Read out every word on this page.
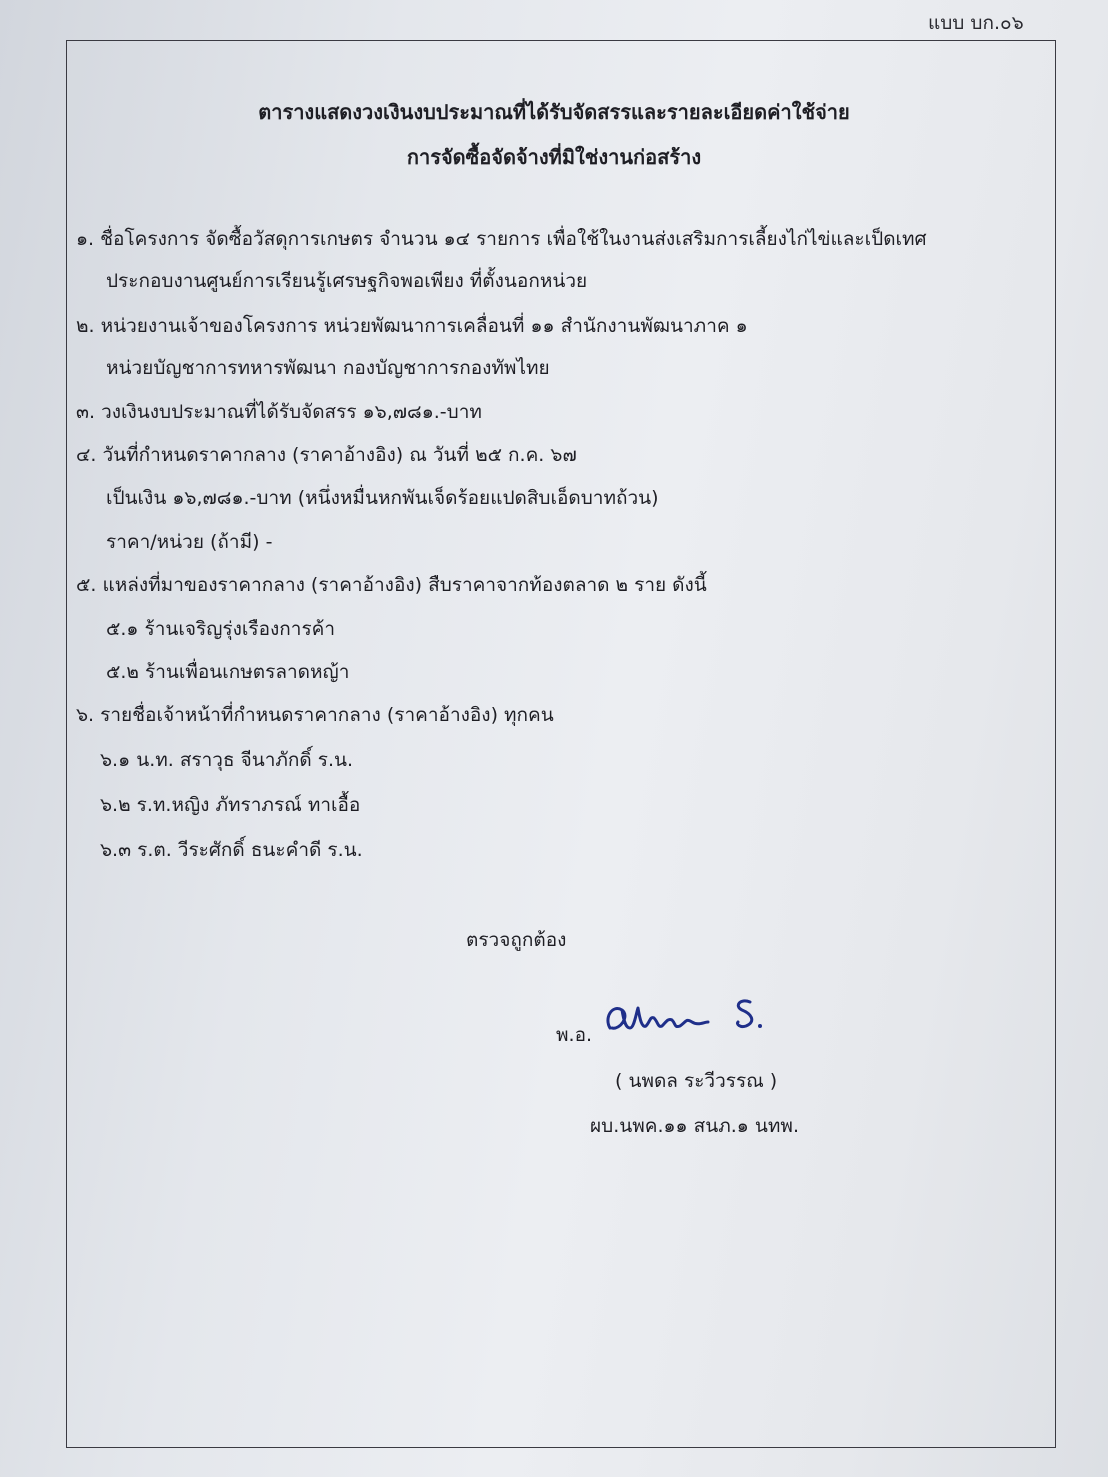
แบบ บก.๐๖
ตารางแสดงวงเงินงบประมาณที่ได้รับจัดสรรและรายละเอียดค่าใช้จ่าย
การจัดซื้อจัดจ้างที่มิใช่งานก่อสร้าง
๑. ชื่อโครงการ จัดซื้อวัสดุการเกษตร จำนวน ๑๔ รายการ เพื่อใช้ในงานส่งเสริมการเลี้ยงไก่ไข่และเป็ดเทศ
ประกอบงานศูนย์การเรียนรู้เศรษฐกิจพอเพียง ที่ตั้งนอกหน่วย
๒. หน่วยงานเจ้าของโครงการ หน่วยพัฒนาการเคลื่อนที่ ๑๑ สำนักงานพัฒนาภาค ๑
หน่วยบัญชาการทหารพัฒนา กองบัญชาการกองทัพไทย
๓. วงเงินงบประมาณที่ได้รับจัดสรร ๑๖,๗๘๑.-บาท
๔. วันที่กำหนดราคากลาง (ราคาอ้างอิง) ณ วันที่ ๒๕ ก.ค. ๖๗
เป็นเงิน ๑๖,๗๘๑.-บาท (หนึ่งหมื่นหกพันเจ็ดร้อยแปดสิบเอ็ดบาทถ้วน)
ราคา/หน่วย (ถ้ามี) -
๕. แหล่งที่มาของราคากลาง (ราคาอ้างอิง) สืบราคาจากท้องตลาด ๒ ราย ดังนี้
๕.๑ ร้านเจริญรุ่งเรืองการค้า
๕.๒ ร้านเพื่อนเกษตรลาดหญ้า
๖. รายชื่อเจ้าหน้าที่กำหนดราคากลาง (ราคาอ้างอิง) ทุกคน
๖.๑ น.ท. สราวุธ จีนาภักดิ์ ร.น.
๖.๒ ร.ท.หญิง ภัทราภรณ์ ทาเอื้อ
๖.๓ ร.ต. วีระศักดิ์ ธนะคำดี ร.น.
ตรวจถูกต้อง
พ.อ.
( นพดล ระวีวรรณ )
ผบ.นพค.๑๑ สนภ.๑ นทพ.
